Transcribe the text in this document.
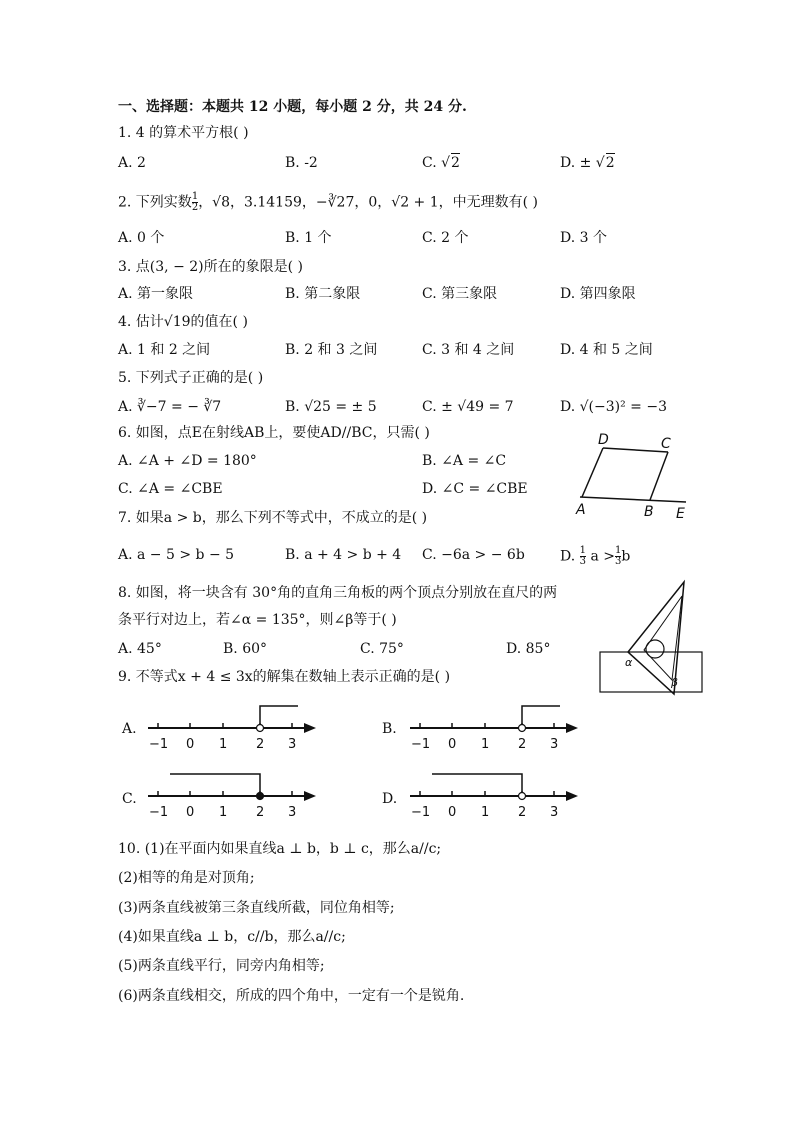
一、选择题：本题共 12 小题，每小题 2 分，共 24 分.
1. 4 的算术平方根( )
A. 2	B. -2	C. √2	D. ± √2
2. 下列实数 $\frac{1}{2}$ ，√8，3.14159，−∛27，0，√2 + 1，中无理数有( )
A. 0 个	B. 1 个	C. 2 个	D. 3 个
3. 点(3, − 2)所在的象限是( )
A. 第一象限	B. 第二象限	C. 第三象限	D. 第四象限
4. 估计√19的值在( )
A. 1 和 2 之间	B. 2 和 3 之间	C. 3 和 4 之间	D. 4 和 5 之间
5. 下列式子正确的是( )
A. ∛−7 = − ∛7	B. √25 = ± 5	C. ± √49 = 7	D. √(−3)² = −3
6. 如图，点E在射线AB上，要使AD//BC，只需( )
A. ∠A + ∠D = 180°	B. ∠A = ∠C
C. ∠A = ∠CBE	D. ∠C = ∠CBE
D	C
A	B E
7. 如果a > b，那么下列不等式中，不成立的是( )
A. a − 5 > b − 5	B. a + 4 > b + 4 C. −6a > − 6b	D. $\frac{1}{3}$ $a > \frac{1}{3}$ b
8. 如图，将一块含有 30°角的直角三角板的两个顶点分别放在直尺的两
条平行对边上，若∠α = 135°，则∠β等于( )
A. 45°	B. 60°	C. 75°	D. 85°
α
β
9. 不等式x + 4 ≤ 3x的解集在数轴上表示正确的是( )
A.
−1 0 1 2 3
B.
−1 0 1 2 3
C.
−1 0 1 2 3
D.
−1 0 1 2 3
10. (1)在平面内如果直线a ⊥ b，b ⊥ c，那么a//c;
(2)相等的角是对顶角;
(3)两条直线被第三条直线所截，同位角相等;
(4)如果直线a ⊥ b，c//b，那么a//c;
(5)两条直线平行，同旁内角相等;
(6)两条直线相交，所成的四个角中，一定有一个是锐角.
